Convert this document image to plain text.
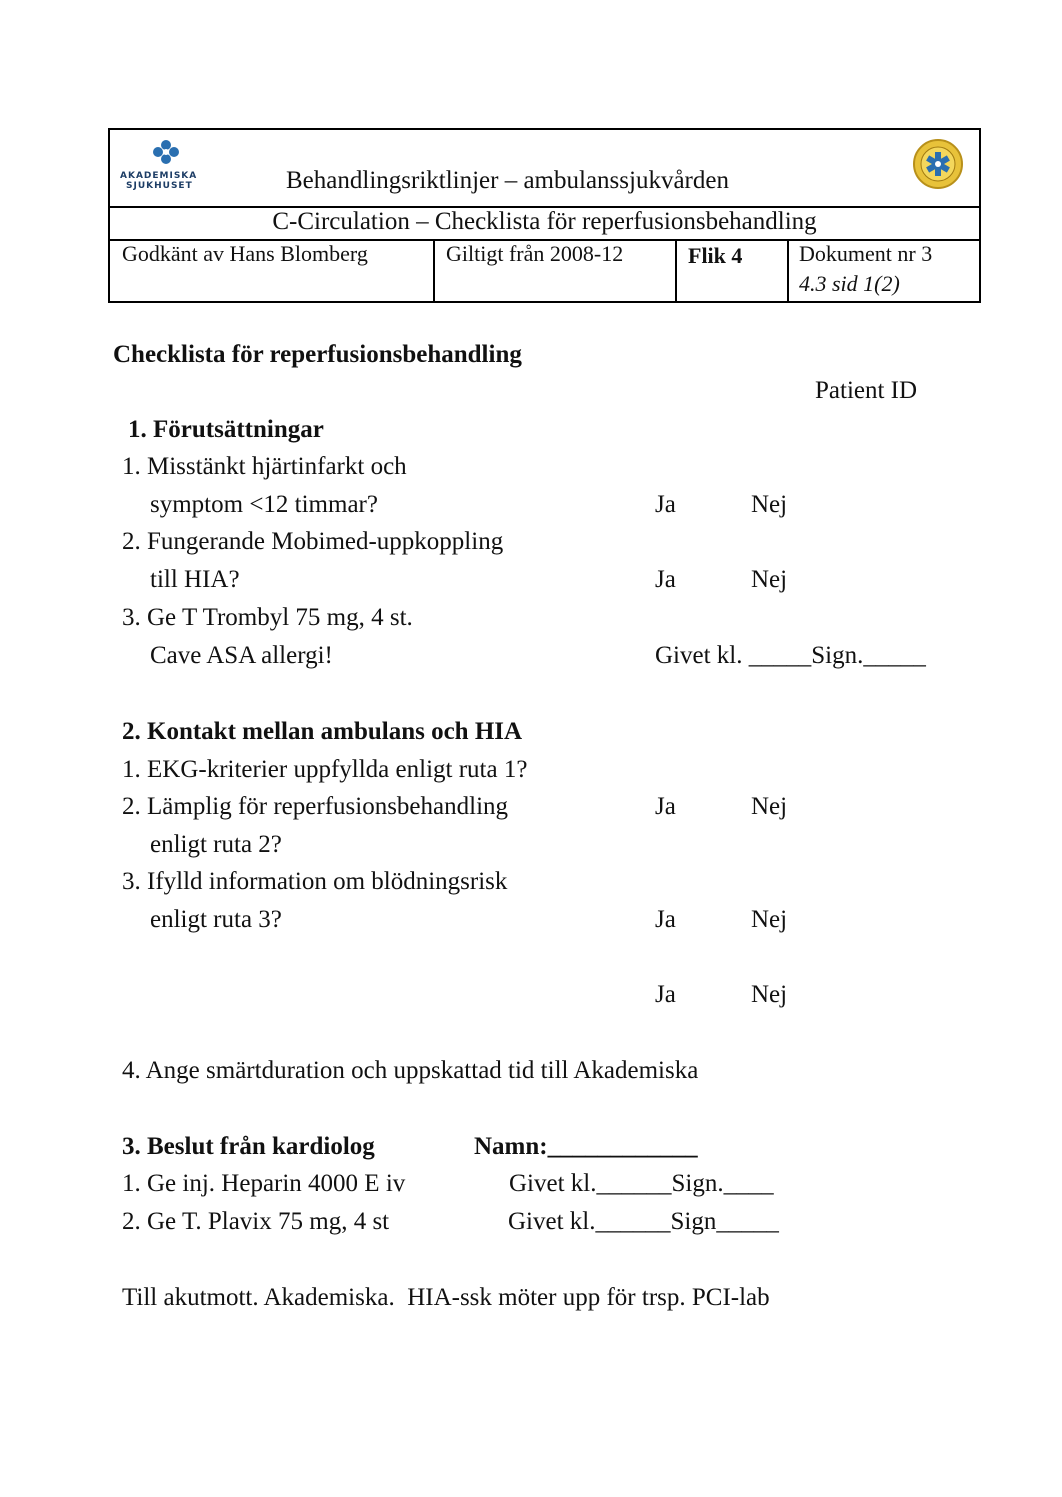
AKADEMISKA
SJUKHUSET	Behandlingsriktlinjer – ambulanssjukvården
C-Circulation – Checklista för reperfusionsbehandling
Godkänt av Hans Blomberg	Giltigt från 2008-12	Flik 4	Dokument nr 3
4.3 sid 1(2)
Checklista för reperfusionsbehandling
Patient ID
1. Förutsättningar
1. Misstänkt hjärtinfarkt och
symptom <12 timmar?	Ja	Nej
2. Fungerande Mobimed-uppkoppling
till HIA?	Ja	Nej
3. Ge T Trombyl 75 mg, 4 st.
Cave ASA allergi!	Givet kl. _____Sign._____
2. Kontakt mellan ambulans och HIA
1. EKG-kriterier uppfyllda enligt ruta 1?
2. Lämplig för reperfusionsbehandling	Ja	Nej
enligt ruta 2?
3. Ifylld information om blödningsrisk
enligt ruta 3?	Ja	Nej
Ja	Nej
4. Ange smärtduration och uppskattad tid till Akademiska
3. Beslut från kardiolog	Namn:____________
1. Ge inj. Heparin 4000 E iv	Givet kl.______Sign.____
2. Ge T. Plavix 75 mg, 4 st	Givet kl.______Sign_____
Till akutmott. Akademiska.  HIA-ssk möter upp för trsp. PCI-lab
